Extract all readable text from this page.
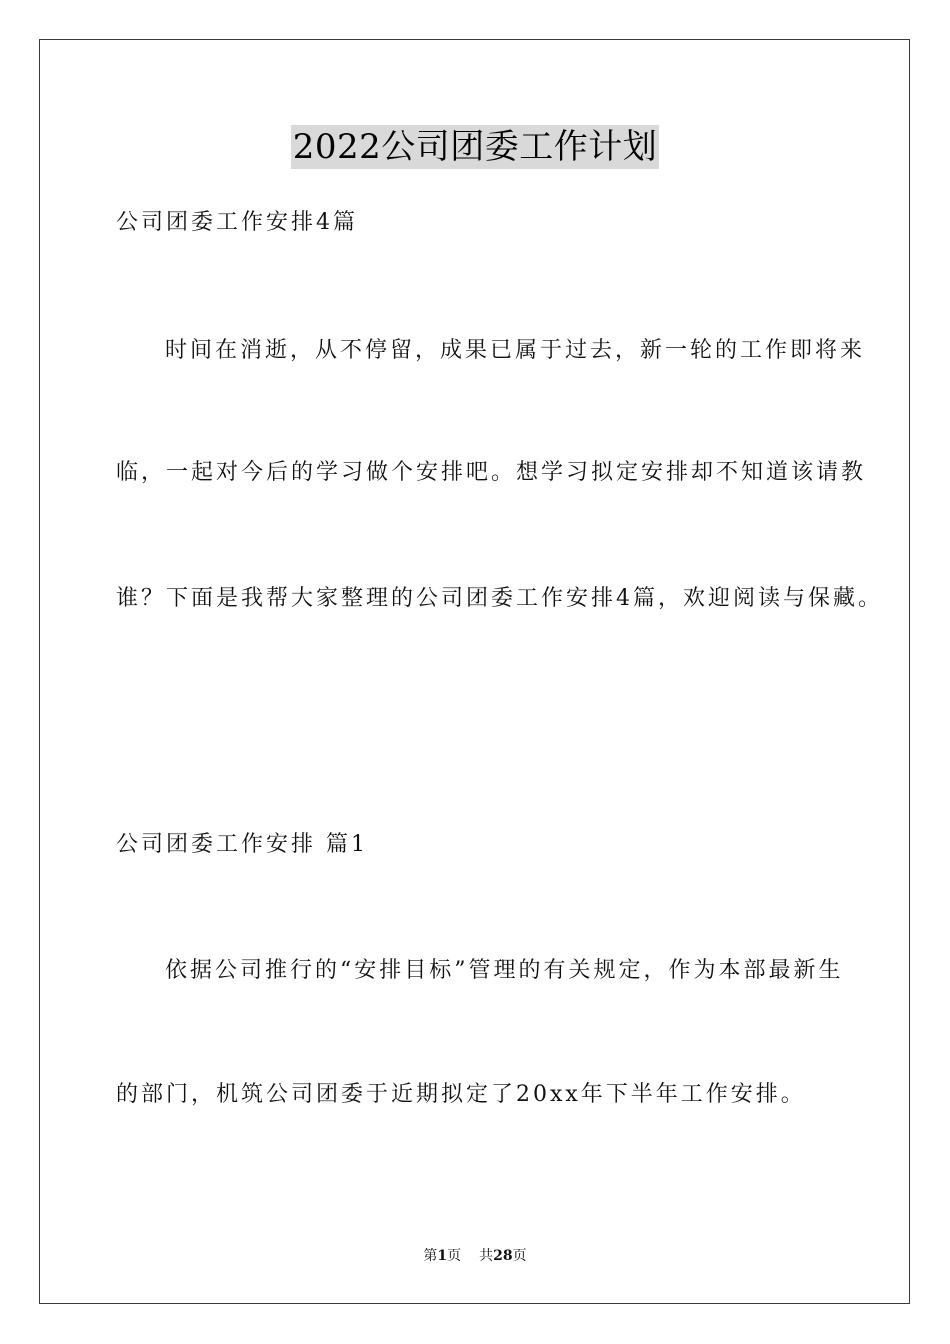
2022公司团委工作计划
公司团委工作安排4篇
时间在消逝，从不停留，成果已属于过去，新一轮的工作即将来
临，一起对今后的学习做个安排吧。想学习拟定安排却不知道该请教
谁？下面是我帮大家整理的公司团委工作安排4篇，欢迎阅读与保藏。
公司团委工作安排 篇1
依据公司推行的“安排目标”管理的有关规定，作为本部最新生
的部门，机筑公司团委于近期拟定了20xx年下半年工作安排。
第1页 共28页
